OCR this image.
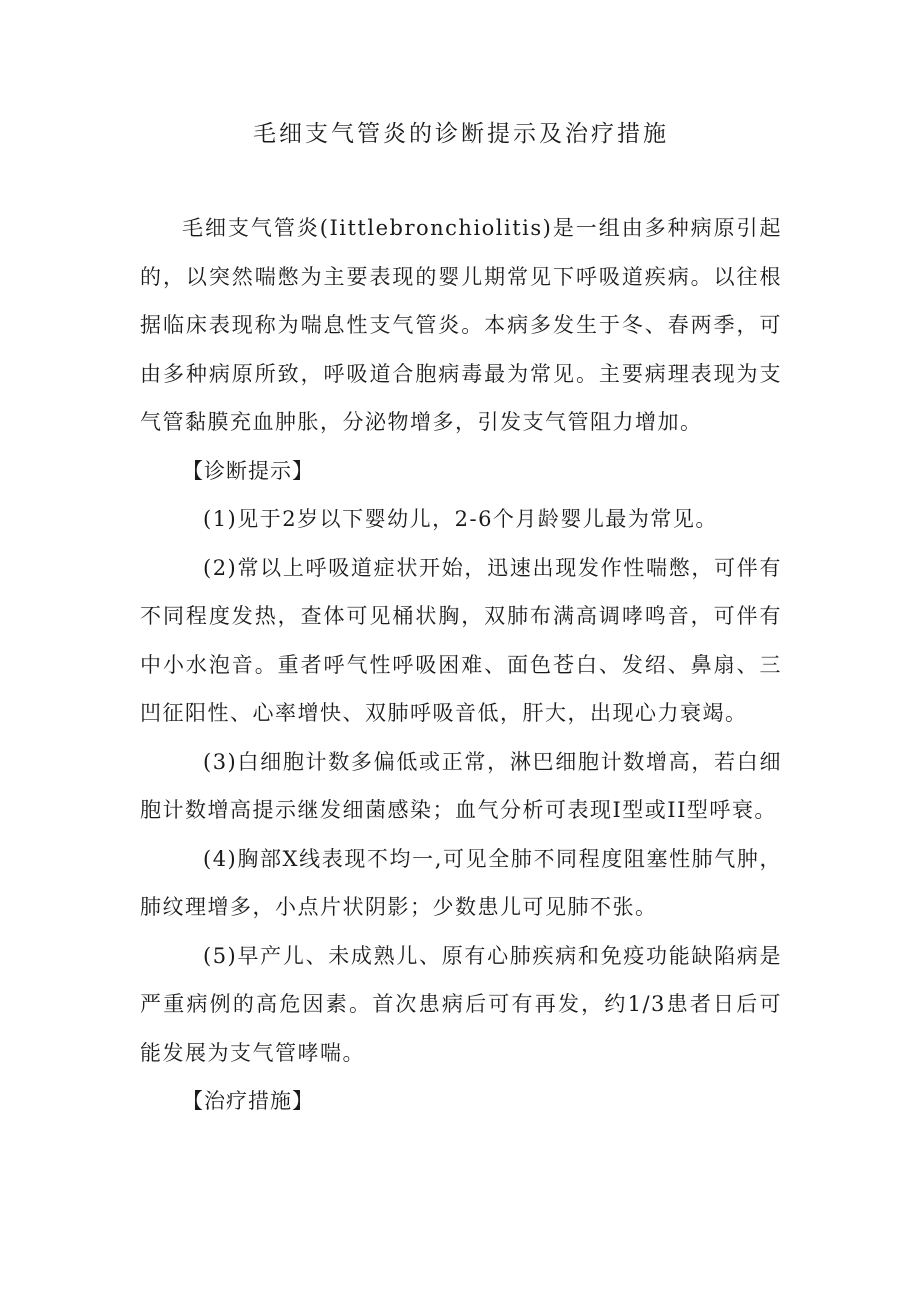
毛细支气管炎的诊断提示及治疗措施

毛细支气管炎(Iittlebronchiolitis)是一组由多种病原引起的，以突然喘憋为主要表现的婴儿期常见下呼吸道疾病。以往根据临床表现称为喘息性支气管炎。本病多发生于冬、春两季，可由多种病原所致，呼吸道合胞病毒最为常见。主要病理表现为支气管黏膜充血肿胀，分泌物增多，引发支气管阻力增加。

【诊断提示】

(1)见于2岁以下婴幼儿，2-6个月龄婴儿最为常见。

(2)常以上呼吸道症状开始，迅速出现发作性喘憋，可伴有不同程度发热，查体可见桶状胸，双肺布满高调哮鸣音，可伴有中小水泡音。重者呼气性呼吸困难、面色苍白、发绍、鼻扇、三凹征阳性、心率增快、双肺呼吸音低，肝大，出现心力衰竭。

(3)白细胞计数多偏低或正常，淋巴细胞计数增高，若白细胞计数增高提示继发细菌感染；血气分析可表现I型或II型呼衰。

(4)胸部X线表现不均一,可见全肺不同程度阻塞性肺气肿，肺纹理增多，小点片状阴影；少数患儿可见肺不张。

(5)早产儿、未成熟儿、原有心肺疾病和免疫功能缺陷病是严重病例的高危因素。首次患病后可有再发，约1/3患者日后可能发展为支气管哮喘。

【治疗措施】
